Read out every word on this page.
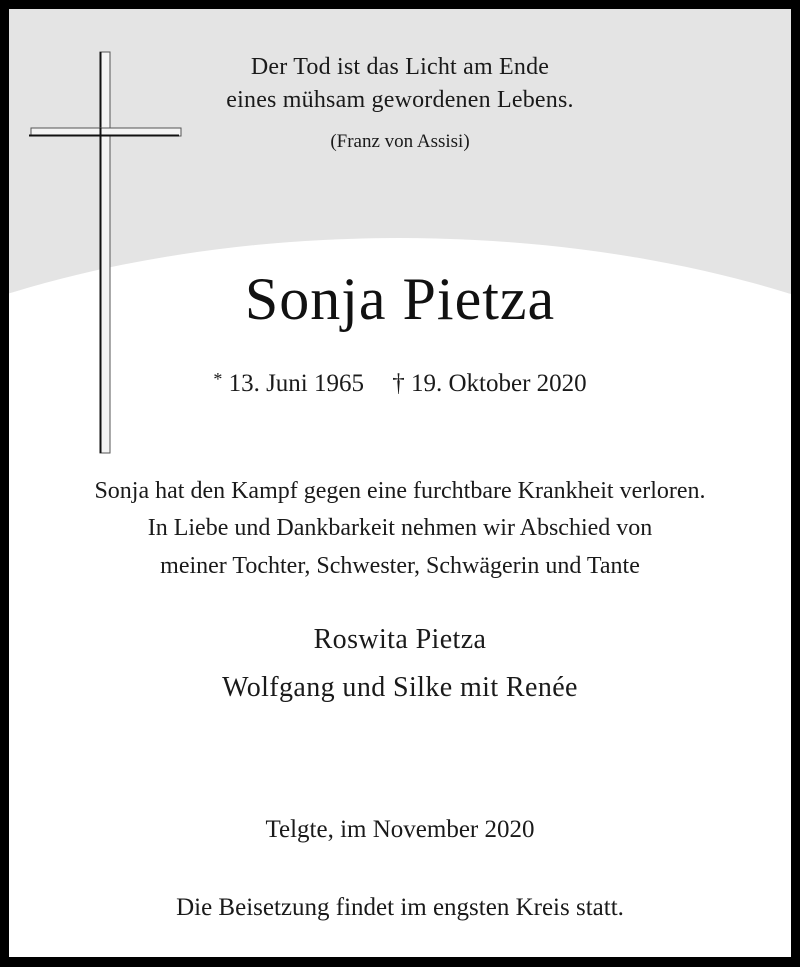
Der Tod ist das Licht am Ende
eines mühsam gewordenen Lebens.
(Franz von Assisi)
Sonja Pietza
* 13. Juni 1965 † 19. Oktober 2020
Sonja hat den Kampf gegen eine furchtbare Krankheit verloren.
In Liebe und Dankbarkeit nehmen wir Abschied von
meiner Tochter, Schwester, Schwägerin und Tante
Roswita Pietza
Wolfgang und Silke mit Renée
Telgte, im November 2020
Die Beisetzung findet im engsten Kreis statt.
